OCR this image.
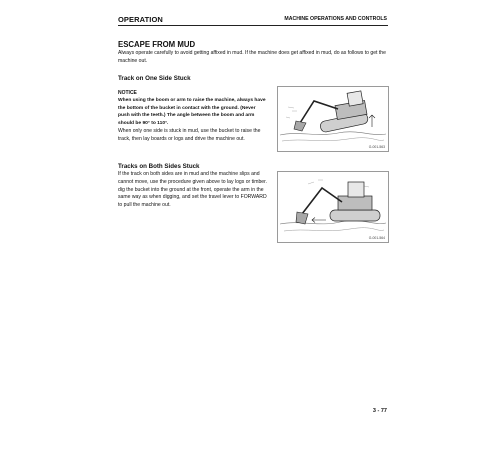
OPERATION	MACHINE OPERATIONS AND CONTROLS
ESCAPE FROM MUD
Always operate carefully to avoid getting affixed in mud. If the machine does get affixed in mud, do as follows to get the machine out.
Track on One Side Stuck
NOTICE
When using the boom or arm to raise the machine, always have the bottom of the bucket in contact with the ground. (Never push with the teeth.) The angle between the boom and arm should be 90° to 110°.
When only one side is stuck in mud, use the bucket to raise the track, then lay boards or logs and drive the machine out.
G-001-563
Tracks on Both Sides Stuck
If the track on both sides are in mud and the machine slips and cannot move, use the procedure given above to lay logs or timber. dig the bucket into the ground at the front, operate the arm in the same way as when digging, and set the travel lever to FORWARD to pull the machine out.
G-001-564
3 - 77
